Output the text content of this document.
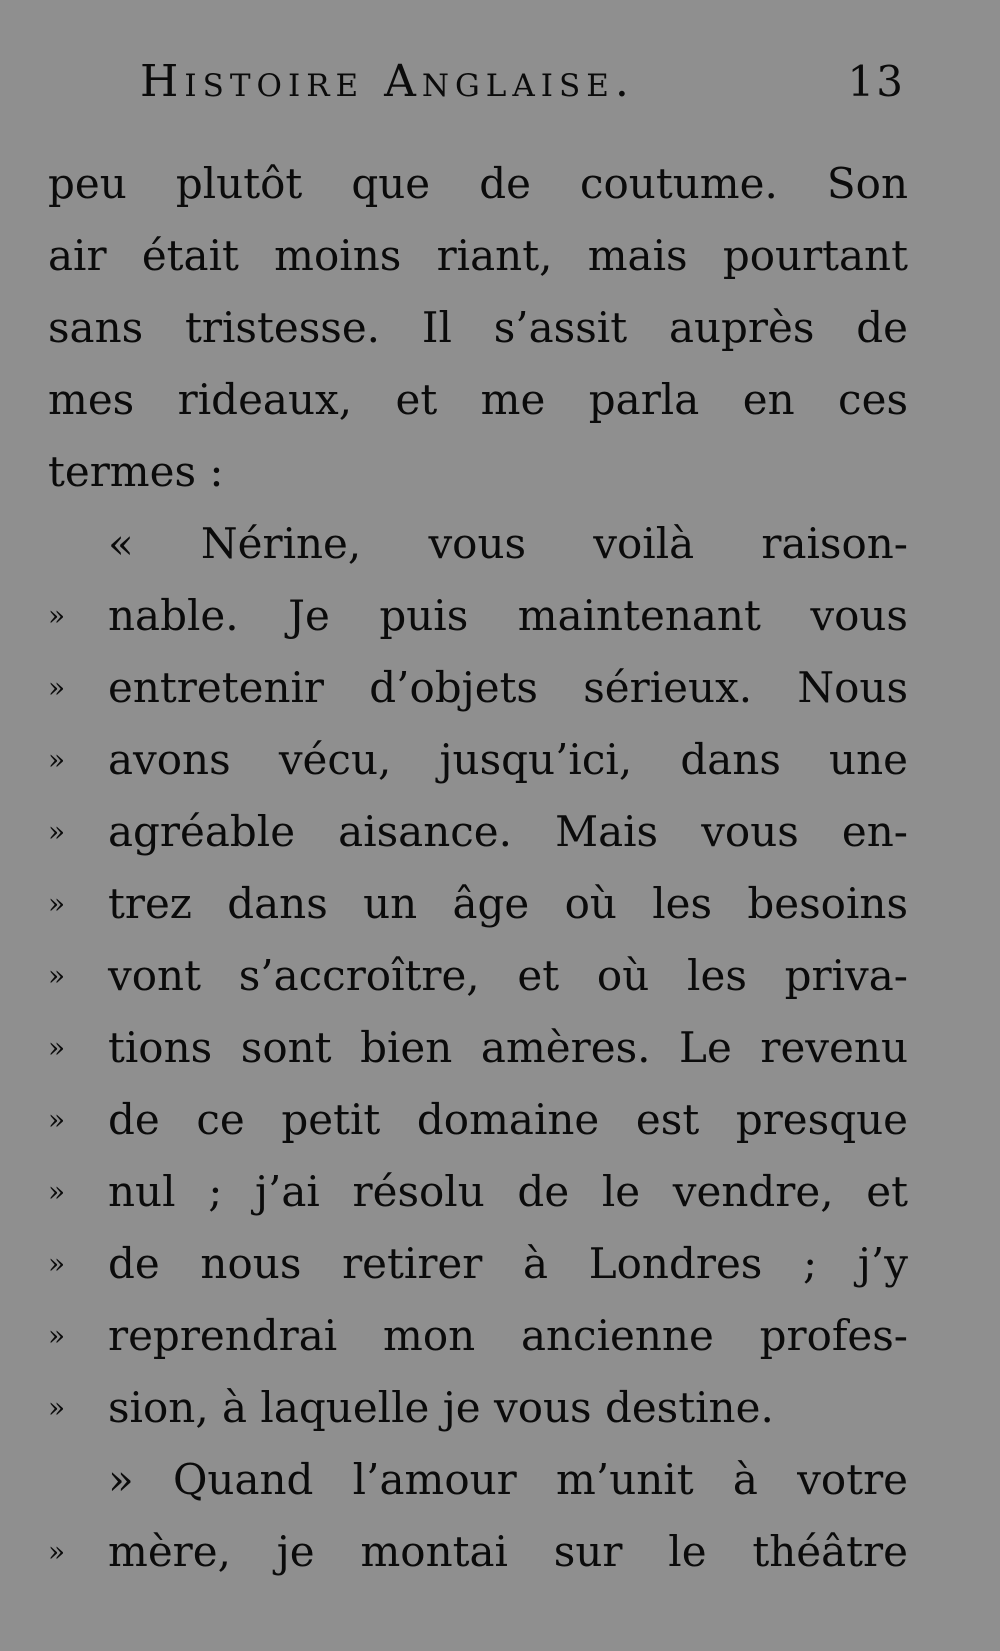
Histoire Anglaise.	13
peu plutôt que de coutume. Son
air était moins riant, mais pourtant
sans tristesse. Il s’assit auprès de
mes rideaux, et me parla en ces
termes :
« Nérine, vous voilà raison-
»	nable. Je puis maintenant vous
»	entretenir d’objets sérieux. Nous
»	avons vécu, jusqu’ici, dans une
»	agréable aisance. Mais vous en-
»	trez dans un âge où les besoins
»	vont s’accroître, et où les priva-
»	tions sont bien amères. Le revenu
»	de ce petit domaine est presque
»	nul ; j’ai résolu de le vendre, et
»	de nous retirer à Londres ; j’y
»	reprendrai mon ancienne profes-
»	sion, à laquelle je vous destine.
» Quand l’amour m’unit à votre
»	mère, je montai sur le théâtre
